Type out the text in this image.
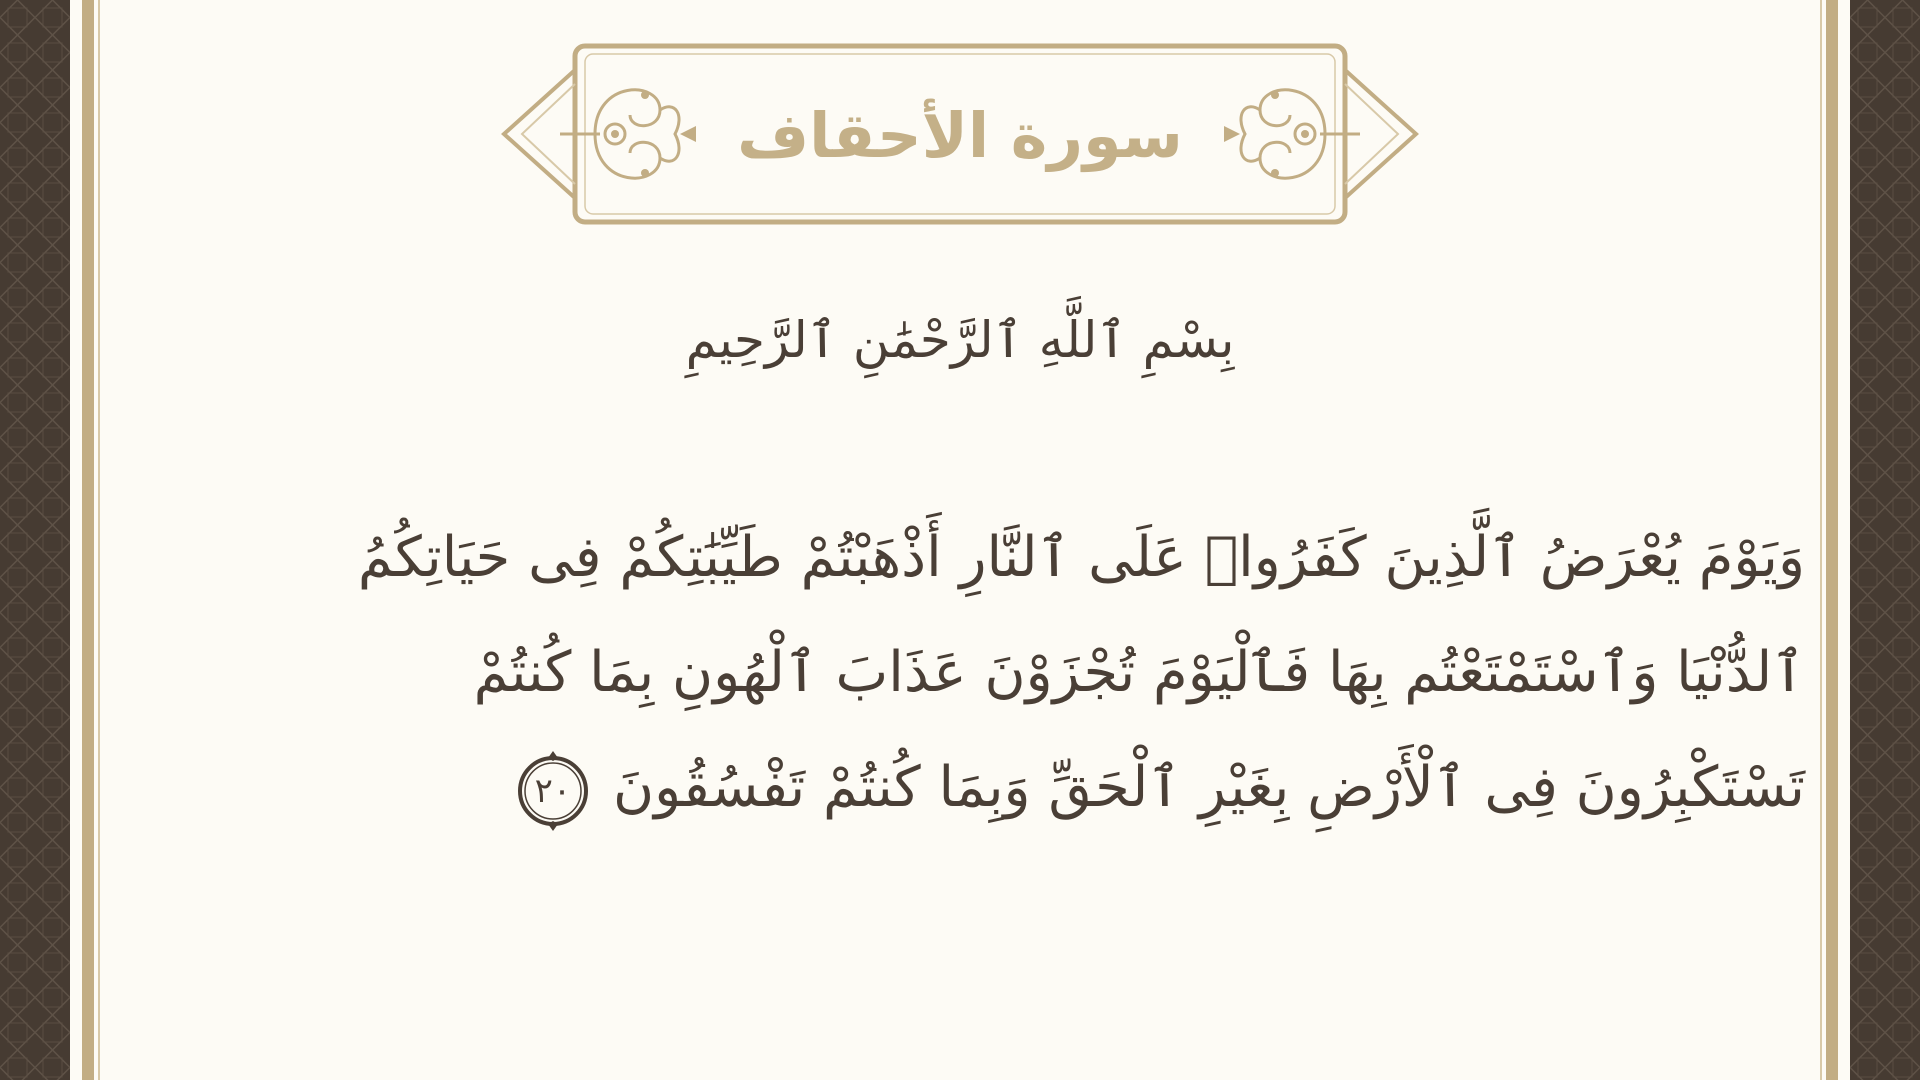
سورة الأحقاف
بِسْمِ ٱللَّهِ ٱلرَّحْمَٰنِ ٱلرَّحِيمِ
وَيَوْمَ يُعْرَضُ ٱلَّذِينَ كَفَرُوا۟ عَلَى ٱلنَّارِ أَذْهَبْتُمْ طَيِّبَٰتِكُمْ فِى حَيَاتِكُمُ
ٱلدُّنْيَا وَٱسْتَمْتَعْتُم بِهَا فَٱلْيَوْمَ تُجْزَوْنَ عَذَابَ ٱلْهُونِ بِمَا كُنتُمْ
تَسْتَكْبِرُونَ فِى ٱلْأَرْضِ بِغَيْرِ ٱلْحَقِّ وَبِمَا كُنتُمْ تَفْسُقُونَ
٢٠
